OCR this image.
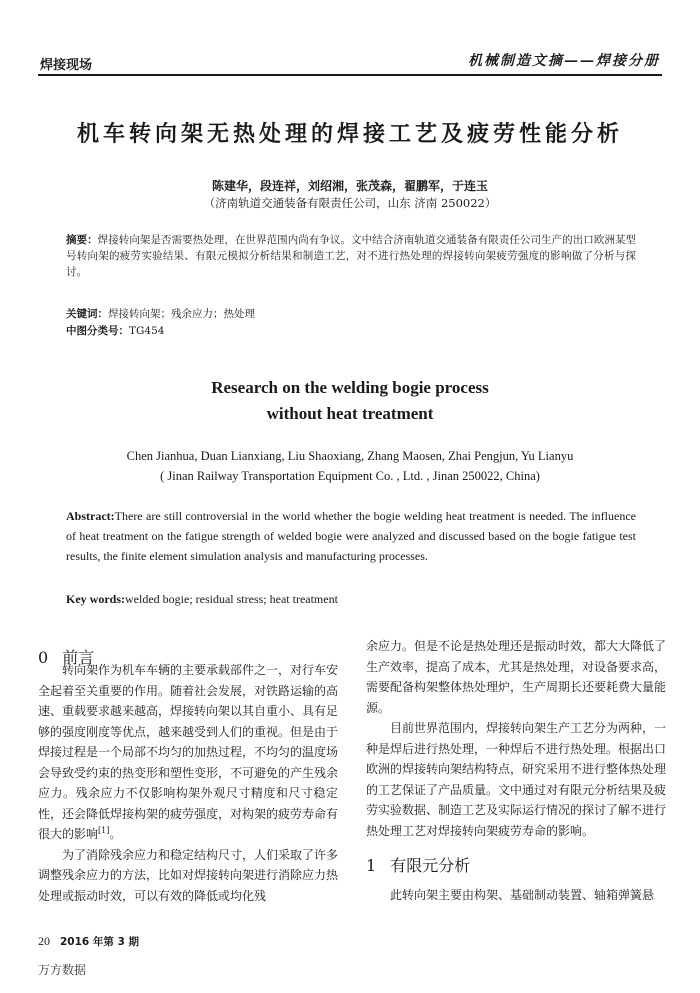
焊接现场	机械制造文摘——焊接分册
机车转向架无热处理的焊接工艺及疲劳性能分析
陈建华，段连祥，刘绍湘，张茂森，翟鹏军，于连玉
（济南轨道交通装备有限责任公司，山东 济南 250022）
摘要：焊接转向架是否需要热处理，在世界范围内尚有争议。文中结合济南轨道交通装备有限责任公司生产的出口欧洲某型号转向架的疲劳实验结果、有限元模拟分析结果和制造工艺，对不进行热处理的焊接转向架疲劳强度的影响做了分析与探讨。
关键词：焊接转向架；残余应力；热处理
中图分类号：TG454
Research on the welding bogie process
without heat treatment
Chen Jianhua, Duan Lianxiang, Liu Shaoxiang, Zhang Maosen, Zhai Pengjun, Yu Lianyu
( Jinan Railway Transportation Equipment Co. , Ltd. , Jinan 250022, China)
Abstract:There are still controversial in the world whether the bogie welding heat treatment is needed. The influence of heat treatment on the fatigue strength of welded bogie were analyzed and discussed based on the bogie fatigue test results, the finite element simulation analysis and manufacturing processes.
Key words:welded bogie; residual stress; heat treatment
0 前言

转向架作为机车车辆的主要承载部件之一，对行车安全起着至关重要的作用。随着社会发展，对铁路运输的高速、重载要求越来越高，焊接转向架以其自重小、具有足够的强度刚度等优点，越来越受到人们的重视。但是由于焊接过程是一个局部不均匀的加热过程，不均匀的温度场会导致受约束的热变形和塑性变形，不可避免的产生残余应力。残余应力不仅影响构架外观尺寸精度和尺寸稳定性，还会降低焊接构架的疲劳强度，对构架的疲劳寿命有很大的影响[1]。

为了消除残余应力和稳定结构尺寸，人们采取了许多调整残余应力的方法，比如对焊接转向架进行消除应力热处理或振动时效，可以有效的降低或均化残

余应力。但是不论是热处理还是振动时效，都大大降低了生产效率，提高了成本，尤其是热处理，对设备要求高，需要配备构架整体热处理炉，生产周期长还要耗费大量能源。

目前世界范围内，焊接转向架生产工艺分为两种，一种是焊后进行热处理，一种焊后不进行热处理。根据出口欧洲的焊接转向架结构特点，研究采用不进行整体热处理的工艺保证了产品质量。文中通过对有限元分析结果及疲劳实验数据、制造工艺及实际运行情况的探讨了解不进行热处理工艺对焊接转向架疲劳寿命的影响。

1 有限元分析

此转向架主要由构架、基础制动装置、轴箱弹簧悬

20 2016 年第 3 期
万方数据
